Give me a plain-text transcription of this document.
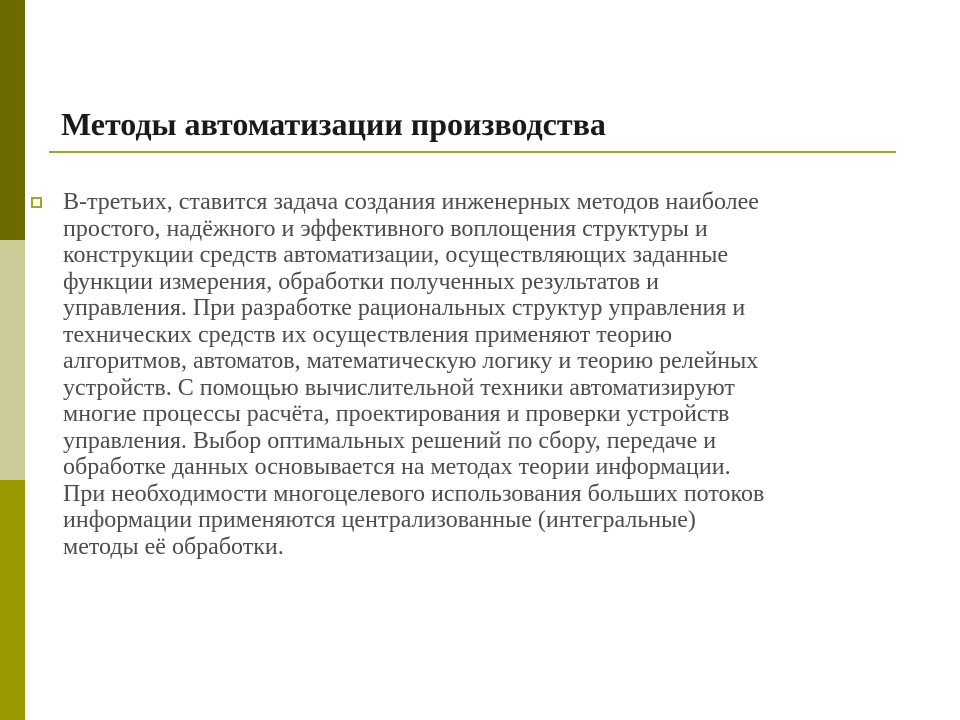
Методы автоматизации производства

В-третьих, ставится задача создания инженерных методов наиболее
простого, надёжного и эффективного воплощения структуры и
конструкции средств автоматизации, осуществляющих заданные
функции измерения, обработки полученных результатов и
управления. При разработке рациональных структур управления и
технических средств их осуществления применяют теорию
алгоритмов, автоматов, математическую логику и теорию релейных
устройств. С помощью вычислительной техники автоматизируют
многие процессы расчёта, проектирования и проверки устройств
управления. Выбор оптимальных решений по сбору, передаче и
обработке данных основывается на методах теории информации.
При необходимости многоцелевого использования больших потоков
информации применяются централизованные (интегральные)
методы её обработки.
